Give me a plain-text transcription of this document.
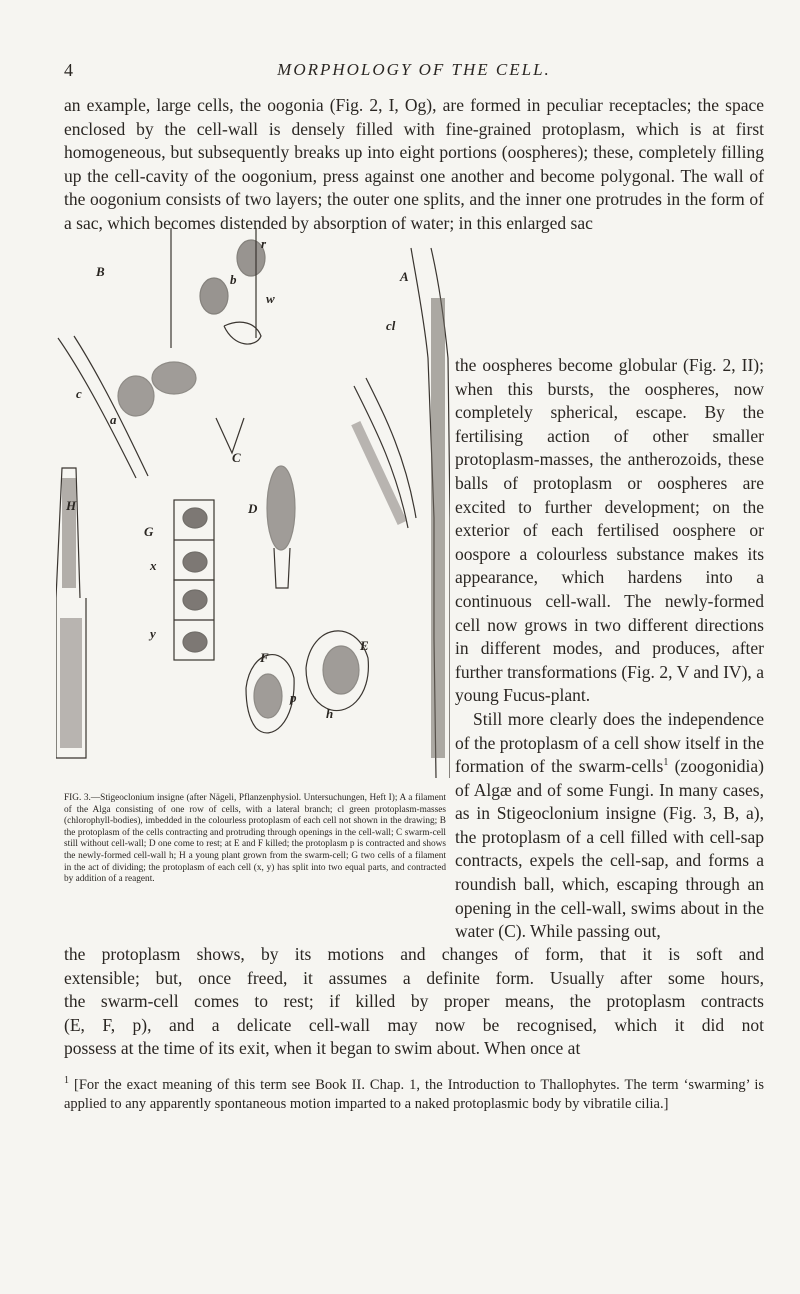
4	MORPHOLOGY OF THE CELL.

an example, large cells, the oogonia (Fig. 2, I, Og), are formed in peculiar receptacles; the space enclosed by the cell-wall is densely filled with fine-grained protoplasm, which is at first homogeneous, but subsequently breaks up into eight portions (oospheres); these, completely filling up the cell-cavity of the oogonium, press against one another and become polygonal. The wall of the oogonium consists of two layers; the outer one splits, and the inner one protrudes in the form of a sac, which becomes distended by absorption of water; in this enlarged sac

B
r
b
w
A
cl
c
a
C
H	D
G
x
y
E
F
p
h

FIG. 3.—Stigeoclonium insigne (after Nägeli, Pflanzenphysiol. Untersuchungen, Heft I); A a filament of the Alga consisting of one row of cells, with a lateral branch; cl green protoplasm-masses (chlorophyll-bodies), imbedded in the colourless protoplasm of each cell not shown in the drawing; B the protoplasm of the cells contracting and protruding through openings in the cell-wall; C swarm-cell still without cell-wall; D one come to rest; at E and F killed; the protoplasm p is contracted and shows the newly-formed cell-wall h; H a young plant grown from the swarm-cell; G two cells of a filament in the act of dividing; the protoplasm of each cell (x, y) has split into two equal parts, and contracted by addition of a reagent.

the oospheres become globular (Fig. 2, II); when this bursts, the oospheres, now completely spherical, escape. By the fertilising action of other smaller protoplasm-masses, the antherozoids, these balls of protoplasm or oospheres are excited to further development; on the exterior of each fertilised oosphere or oospore a colourless substance makes its appearance, which hardens into a continuous cell-wall. The newly-formed cell now grows in two different directions in different modes, and produces, after further transformations (Fig. 2, V and IV), a young Fucus-plant.
Still more clearly does the independence of the protoplasm of a cell show itself in the formation of the swarm-cells$^1$ (zoogonidia) of Algæ and of some Fungi. In many cases, as in Stigeoclonium insigne (Fig. 3, B, a), the protoplasm of a cell filled with cell-sap contracts, expels the cell-sap, and forms a roundish ball, which, escaping through an opening in the cell-wall, swims about in the water (C). While passing out,
the protoplasm shows, by its motions and changes of form, that it is soft and
extensible; but, once freed, it assumes a definite form. Usually after some hours,
the swarm-cell comes to rest; if killed by proper means, the protoplasm contracts
(E, F, p), and a delicate cell-wall may now be recognised, which it did not
possess at the time of its exit, when it began to swim about. When once at

$^1$ [For the exact meaning of this term see Book II. Chap. 1, the Introduction to Thallophytes. The term ‘swarming’ is applied to any apparently spontaneous motion imparted to a naked protoplasmic body by vibratile cilia.]
